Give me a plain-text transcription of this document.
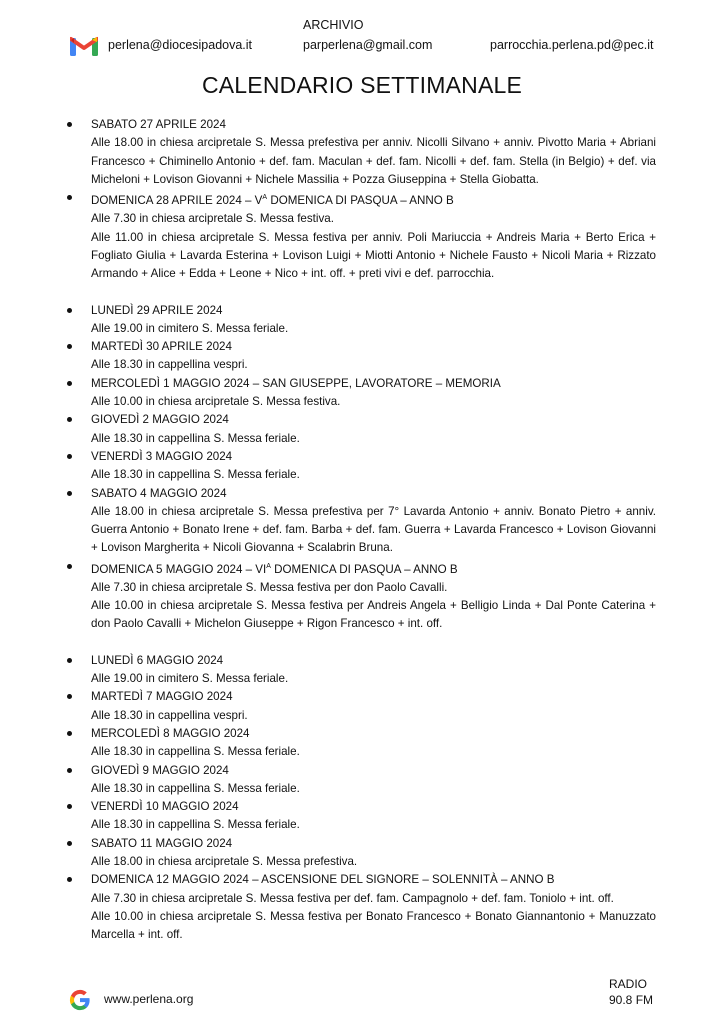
ARCHIVIO
perlena@diocesipadova.it	parperlena@gmail.com	parrocchia.perlena.pd@pec.it
CALENDARIO SETTIMANALE
SABATO 27 APRILE 2024
Alle 18.00 in chiesa arcipretale S. Messa prefestiva per anniv. Nicolli Silvano + anniv. Pivotto Maria + Abriani Francesco + Chiminello Antonio + def. fam. Maculan + def. fam. Nicolli + def. fam. Stella (in Belgio) + def. via Micheloni + Lovison Giovanni + Nichele Massilia + Pozza Giuseppina + Stella Giobatta.
DOMENICA 28 APRILE $2024 - V^A$ DOMENICA DI PASQUA – ANNO B
Alle 7.30 in chiesa arcipretale S. Messa festiva.
Alle 11.00 in chiesa arcipretale S. Messa festiva per anniv. Poli Mariuccia + Andreis Maria + Berto Erica + Fogliato Giulia + Lavarda Esterina + Lovison Luigi + Miotti Antonio + Nichele Fausto + Nicoli Maria + Rizzato Armando + Alice + Edda + Leone + Nico + int. off. + preti vivi e def. parrocchia.
LUNEDÌ 29 APRILE 2024
Alle 19.00 in cimitero S. Messa feriale.
MARTEDÌ 30 APRILE 2024
Alle 18.30 in cappellina vespri.
MERCOLEDÌ 1 MAGGIO 2024 – SAN GIUSEPPE, LAVORATORE – MEMORIA
Alle 10.00 in chiesa arcipretale S. Messa festiva.
GIOVEDÌ 2 MAGGIO 2024
Alle 18.30 in cappellina S. Messa feriale.
VENERDÌ 3 MAGGIO 2024
Alle 18.30 in cappellina S. Messa feriale.
SABATO 4 MAGGIO 2024
Alle 18.00 in chiesa arcipretale S. Messa prefestiva per 7° Lavarda Antonio + anniv. Bonato Pietro + anniv. Guerra Antonio + Bonato Irene + def. fam. Barba + def. fam. Guerra + Lavarda Francesco + Lovison Giovanni + Lovison Margherita + Nicoli Giovanna + Scalabrin Bruna.
DOMENICA 5 MAGGIO $2024 - VI^A$ DOMENICA DI PASQUA – ANNO B
Alle 7.30 in chiesa arcipretale S. Messa festiva per don Paolo Cavalli.
Alle 10.00 in chiesa arcipretale S. Messa festiva per Andreis Angela + Belligio Linda + Dal Ponte Caterina + don Paolo Cavalli + Michelon Giuseppe + Rigon Francesco + int. off.
LUNEDÌ 6 MAGGIO 2024
Alle 19.00 in cimitero S. Messa feriale.
MARTEDÌ 7 MAGGIO 2024
Alle 18.30 in cappellina vespri.
MERCOLEDÌ 8 MAGGIO 2024
Alle 18.30 in cappellina S. Messa feriale.
GIOVEDÌ 9 MAGGIO 2024
Alle 18.30 in cappellina S. Messa feriale.
VENERDÌ 10 MAGGIO 2024
Alle 18.30 in cappellina S. Messa feriale.
SABATO 11 MAGGIO 2024
Alle 18.00 in chiesa arcipretale S. Messa prefestiva.
DOMENICA 12 MAGGIO 2024 – ASCENSIONE DEL SIGNORE – SOLENNITÀ – ANNO B
Alle 7.30 in chiesa arcipretale S. Messa festiva per def. fam. Campagnolo + def. fam. Toniolo + int. off.
Alle 10.00 in chiesa arcipretale S. Messa festiva per Bonato Francesco + Bonato Giannantonio + Manuzzato Marcella + int. off.
www.perlena.org
RADIO
90.8 FM
